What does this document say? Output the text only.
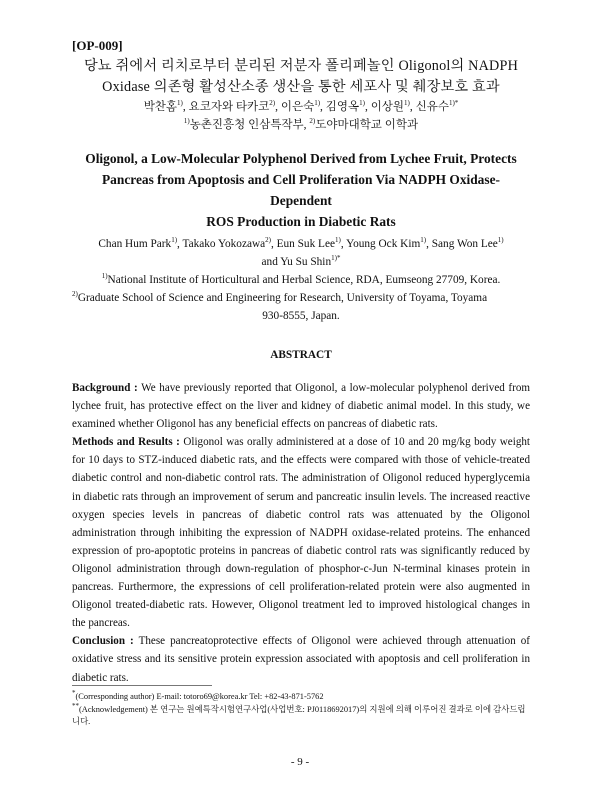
[OP-009]
당뇨 쥐에서 리치로부터 분리된 저분자 폴리페놀인 Oligonol의 NADPH
Oxidase 의존형 활성산소종 생산을 통한 세포사 및 췌장보호 효과
박찬홈$^{1)}$, 요코자와 타카코$^{2)}$, 이은숙$^{1)}$, 김영옥$^{1)}$, 이상원$^{1)}$, 신유수$^{1)*}$
$^{1)}$농촌진흥청 인삼특작부, $^{2)}$도야마대학교 이학과
Oligonol, a Low-Molecular Polyphenol Derived from Lychee Fruit, Protects
Pancreas from Apoptosis and Cell Proliferation Via NADPH Oxidase-Dependent
ROS Production in Diabetic Rats
Chan Hum Park$^{1)}$, Takako Yokozawa$^{2)}$, Eun Suk Lee$^{1)}$, Young Ock Kim$^{1)}$, Sang Won Lee$^{1)}$
and Yu Su Shin$^{1)*}$
$^{1)}$National Institute of Horticultural and Herbal Science, RDA, Eumseong 27709, Korea.
$^{2)}$Graduate School of Science and Engineering for Research, University of Toyama, Toyama
930-8555, Japan.
ABSTRACT
Background : We have previously reported that Oligonol, a low-molecular polyphenol derived from lychee fruit, has protective effect on the liver and kidney of diabetic animal model. In this study, we examined whether Oligonol has any beneficial effects on pancreas of diabetic rats.
Methods and Results : Oligonol was orally administered at a dose of 10 and 20 mg/kg body weight for 10 days to STZ-induced diabetic rats, and the effects were compared with those of vehicle-treated diabetic control and non-diabetic control rats. The administration of Oligonol reduced hyperglycemia in diabetic rats through an improvement of serum and pancreatic insulin levels. The increased reactive oxygen species levels in pancreas of diabetic control rats was attenuated by the Oligonol administration through inhibiting the expression of NADPH oxidase-related proteins. The enhanced expression of pro-apoptotic proteins in pancreas of diabetic control rats was significantly reduced by Oligonol administration through down-regulation of phosphor-c-Jun N-terminal kinases protein in pancreas. Furthermore, the expressions of cell proliferation-related protein were also augmented in Oligonol treated-diabetic rats. However, Oligonol treatment led to improved histological changes in the pancreas.
Conclusion : These pancreatoprotective effects of Oligonol were achieved through attenuation of oxidative stress and its sensitive protein expression associated with apoptosis and cell proliferation in diabetic rats.
*(Corresponding author) E-mail: totoro69@korea.kr Tel: +82-43-871-5762
**(Acknowledgement) 본 연구는 원예특작시험연구사업(사업번호: PJ0118692017)의 지원에 의해 이루어진 결과로 이에 감사드립니다.
- 9 -
